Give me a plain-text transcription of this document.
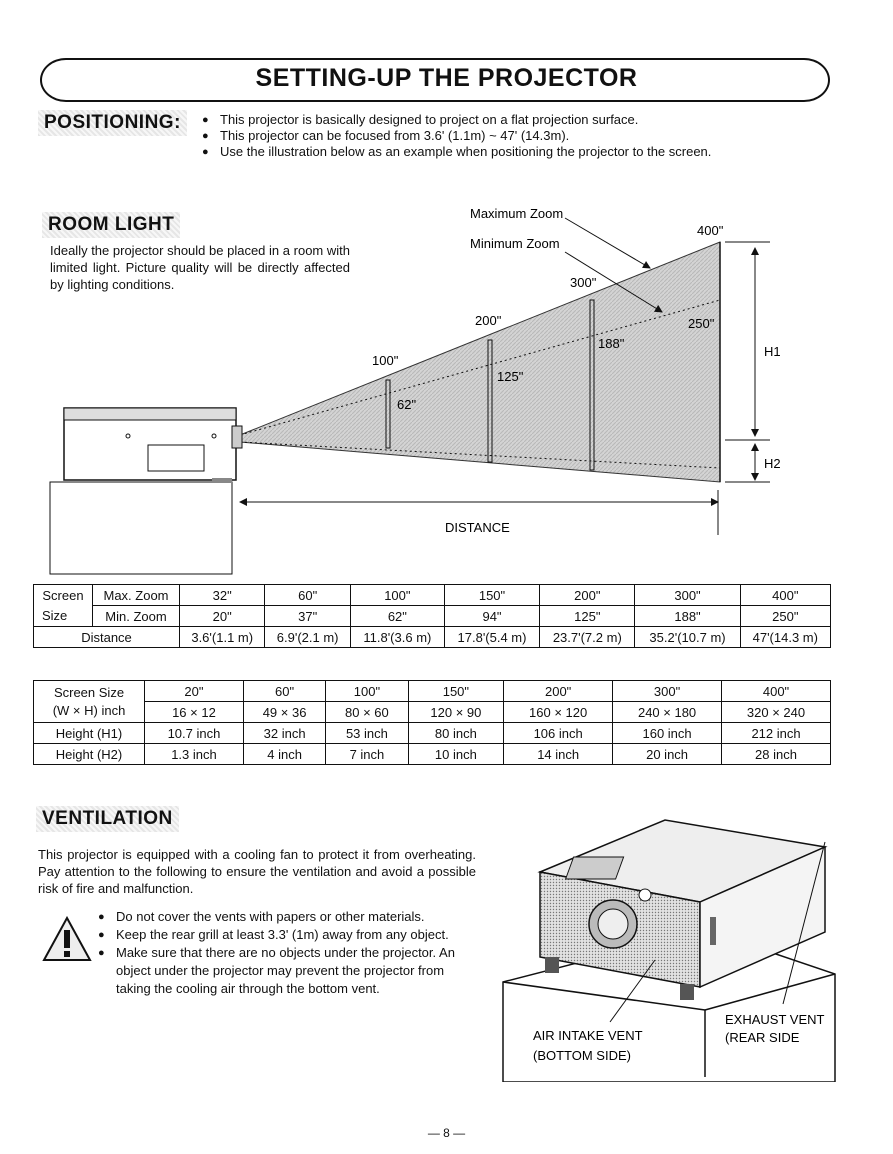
SETTING-UP THE PROJECTOR
POSITIONING:	● This projector is basically designed to project on a flat projection surface.
● This projector can be focused from 3.6' (1.1m) ~ 47' (14.3m).
● Use the illustration below as an example when positioning the projector to the screen.
ROOM LIGHT
Ideally the projector should be placed in a room with limited light. Picture quality will be directly affected by lighting conditions.
Maximum Zoom
Minimum Zoom
100"
200"
300"
400"
62"
125"
188"
250"
H1
H2
DISTANCE
Screen	Max. Zoom	32"	60"	100"	150"	200"	300"	400"
Size	Min. Zoom	20"	37"	62"	94"	125"	188"	250"
Distance		3.6'(1.1 m)	6.9'(2.1 m)	11.8'(3.6 m)	17.8'(5.4 m)	23.7'(7.2 m)	35.2'(10.7 m)	47'(14.3 m)
Screen Size
(W × H) inch	20"	60"	100"	150"	200"	300"	400"
	16 × 12	49 × 36	80 × 60	120 × 90	160 × 120	240 × 180	320 × 240
Height (H1)	10.7 inch	32 inch	53 inch	80 inch	106 inch	160 inch	212 inch
Height (H2)	1.3 inch	4 inch	7 inch	10 inch	14 inch	20 inch	28 inch
VENTILATION
This projector is equipped with a cooling fan to protect it from overheating. Pay attention to the following to ensure the ventilation and avoid a possible risk of fire and malfunction.
● Do not cover the vents with papers or other materials.
● Keep the rear grill at least 3.3' (1m) away from any object.
● Make sure that there are no objects under the projector. An object under the projector may prevent the projector from taking the cooling air through the bottom vent.
AIR INTAKE VENT
(BOTTOM SIDE)
EXHAUST VENT
(REAR SIDE
— 8 —
